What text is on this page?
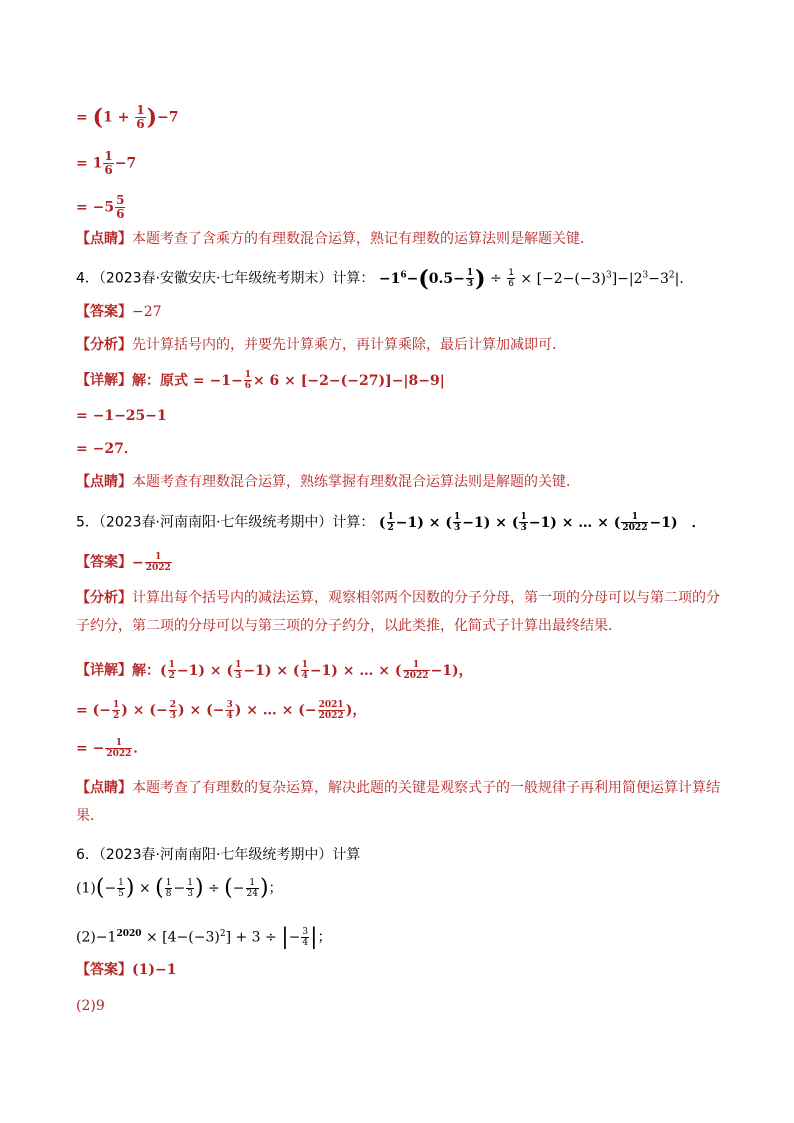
= $(1 + \frac{1}{6} )-7$
= $1 \frac{1}{6} -7$
= $-5 \frac{5}{6}$
【点睛】本题考查了含乘方的有理数混合运算，熟记有理数的运算法则是解题关键．
4．（2023春·安徽安庆·七年级统考期末）计算： $-1^6-(0.5- \frac{1}{3}$ ) ÷ $\frac{1}{6} \times [-2-(-3)^3]-|2^3-3^2|$．
【答案】−27
【分析】先计算括号内的，并要先计算乘方，再计算乘除，最后计算加减即可．
【详解】解：原式 = $-1- \frac{1}{6} \times 6 \times [-2-(-27)]-|8-9|$
= −1−25−1
= −27．
【点睛】本题考查有理数混合运算，熟练掌握有理数混合运算法则是解题的关键．
5．（2023春·河南南阳·七年级统考期中）计算： ( $\frac{1}{2} -1$) × ( $\frac{1}{3} -1$) × ( $\frac{1}{3} -1$) × … × ( $\frac{1}{2022} -1$)　．
【答案】− $\frac{1}{2022}$
【分析】计算出每个括号内的减法运算，观察相邻两个因数的分子分母，第一项的分母可以与第二项的分子约分，第二项的分母可以与第三项的分子约分，以此类推，化简式子计算出最终结果．
【详解】解：( $\frac{1}{2} -1$) × ( $\frac{1}{3} -1$) × ( $\frac{1}{4} -1$) × … × ( $\frac{1}{2022} -1$)，
= (− $\frac{1}{2}$ ) × (− $\frac{2}{3}$ ) × (− $\frac{3}{4}$ ) × … × (− $\frac{2021}{2022}$ )，
= − $\frac{1}{2022}$ ．
【点睛】本题考查了有理数的复杂运算，解决此题的关键是观察式子的一般规律子再利用简便运算计算结果．
6．（2023春·河南南阳·七年级统考期中）计算
$(1)(- \frac{1}{5}$ ) × ( $\frac{1}{8} - \frac{1}{3}$ ) ÷ (− $\frac{1}{24}$ )；
$(2)-1^{2020} \times [4-(-3)^2] + 3$ ÷ |− $\frac{3}{4}$ |；
【答案】(1)−1
(2)9
